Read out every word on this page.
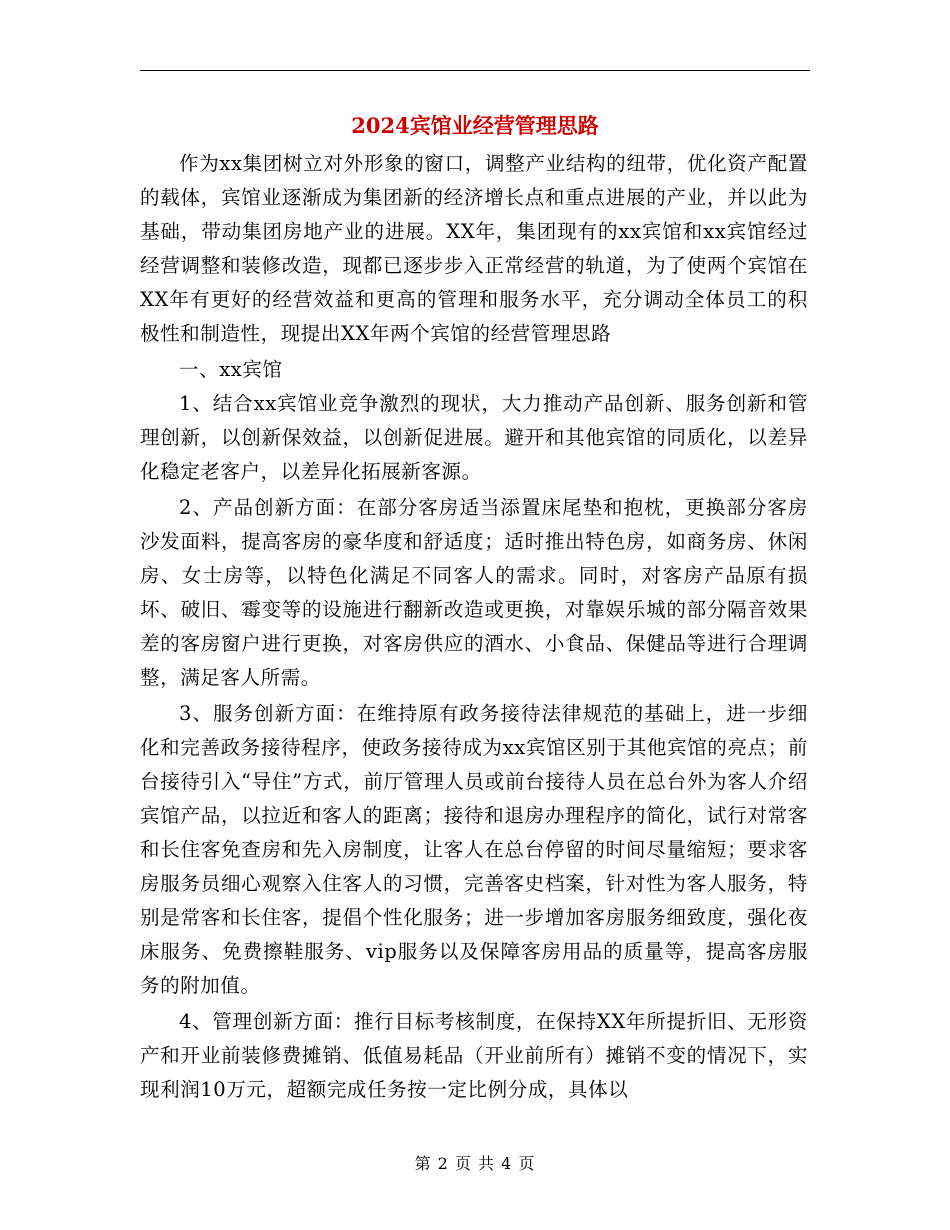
2024宾馆业经营管理思路

作为xx集团树立对外形象的窗口，调整产业结构的纽带，优化资产配置的载体，宾馆业逐渐成为集团新的经济增长点和重点进展的产业，并以此为基础，带动集团房地产业的进展。XX年，集团现有的xx宾馆和xx宾馆经过经营调整和装修改造，现都已逐步步入正常经营的轨道，为了使两个宾馆在XX年有更好的经营效益和更高的管理和服务水平，充分调动全体员工的积极性和制造性，现提出XX年两个宾馆的经营管理思路

一、xx宾馆

1、结合xx宾馆业竞争激烈的现状，大力推动产品创新、服务创新和管理创新，以创新保效益，以创新促进展。避开和其他宾馆的同质化，以差异化稳定老客户，以差异化拓展新客源。

2、产品创新方面：在部分客房适当添置床尾垫和抱枕，更换部分客房沙发面料，提高客房的豪华度和舒适度；适时推出特色房，如商务房、休闲房、女士房等，以特色化满足不同客人的需求。同时，对客房产品原有损坏、破旧、霉变等的设施进行翻新改造或更换，对靠娱乐城的部分隔音效果差的客房窗户进行更换，对客房供应的酒水、小食品、保健品等进行合理调整，满足客人所需。

3、服务创新方面：在维持原有政务接待法律规范的基础上，进一步细化和完善政务接待程序，使政务接待成为xx宾馆区别于其他宾馆的亮点；前台接待引入“导住”方式，前厅管理人员或前台接待人员在总台外为客人介绍宾馆产品，以拉近和客人的距离；接待和退房办理程序的简化，试行对常客和长住客免查房和先入房制度，让客人在总台停留的时间尽量缩短；要求客房服务员细心观察入住客人的习惯，完善客史档案，针对性为客人服务，特别是常客和长住客，提倡个性化服务；进一步增加客房服务细致度，强化夜床服务、免费擦鞋服务、vip服务以及保障客房用品的质量等，提高客房服务的附加值。

4、管理创新方面：推行目标考核制度，在保持XX年所提折旧、无形资产和开业前装修费摊销、低值易耗品（开业前所有）摊销不变的情况下，实现利润10万元，超额完成任务按一定比例分成，具体以

第 2 页 共 4 页
